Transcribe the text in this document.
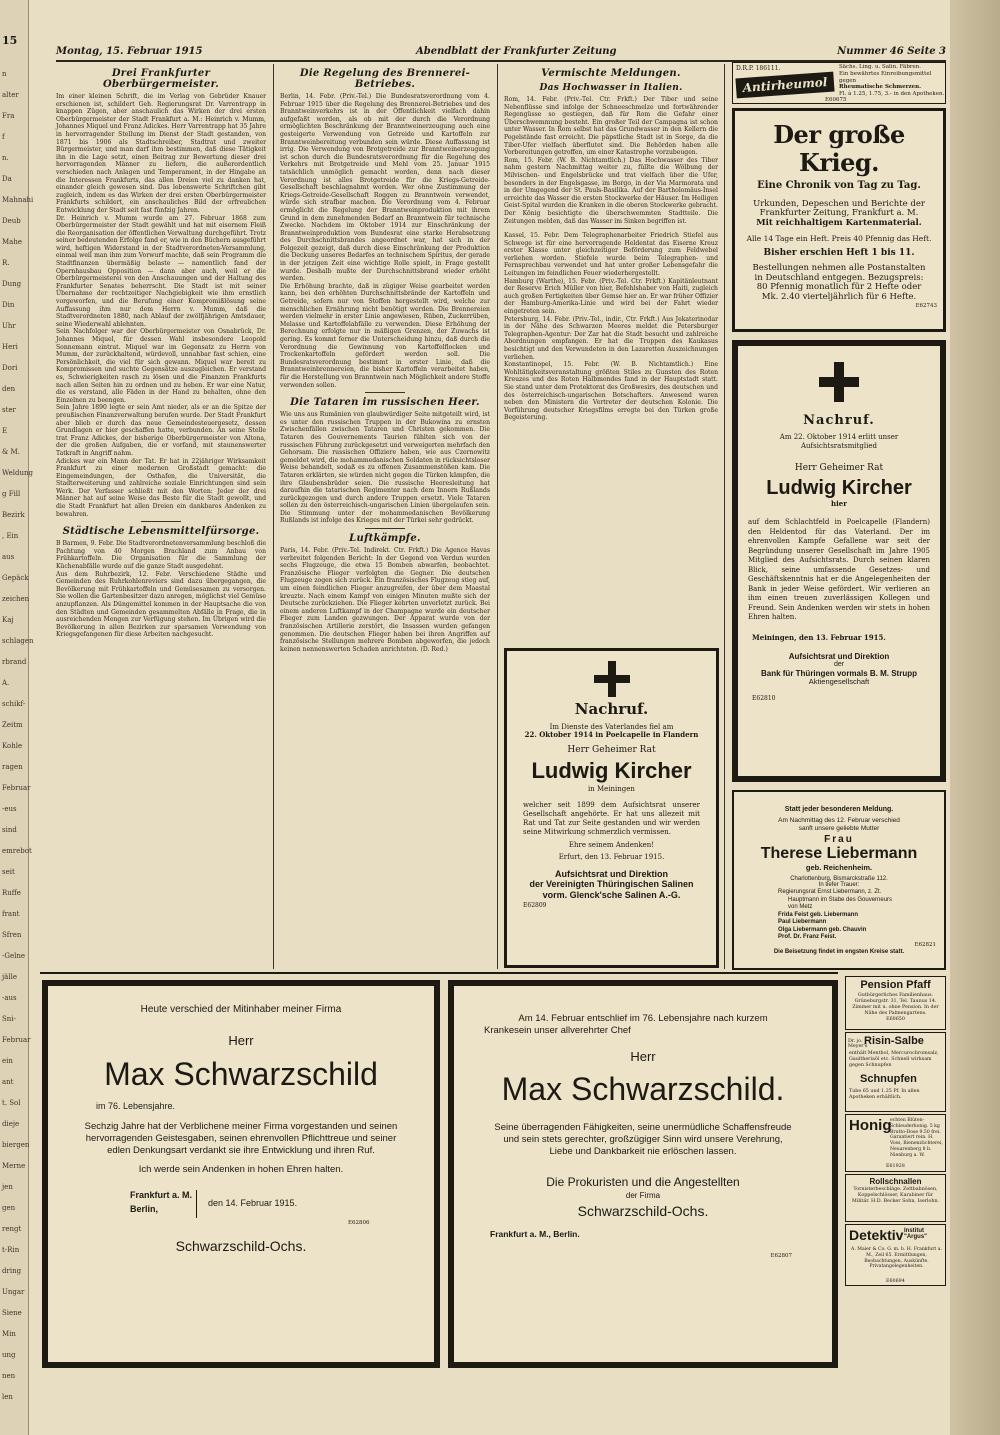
15
n
alter
Fra
f
n.
Da
Mahnahi
Deub
Mahe
R.
Dung
Din
Uhr
Heri
Dori
den
ster
E
& M.
Weldung
g Fill
Bezirk
, Ein
aus
Gepäck
zeichen
Kaj
schlagen
rbrand
A.
schikf-
Zeitm
Kohle
ragen
Februar
-eus
sind
emrebot
seit
Ruffe
frant
Sfren
-Gelne
jälle
-aus
Sni-
Februar
ein
ant
t. Sol
dieje
biergen
Merne
jen
gen
rengt
t-Rin
dring
Ungar
Siene
Min
ung
nen
len
Montag, 15. Februar 1915	Abendblatt der Frankfurter Zeitung	Nummer 46 Seite 3
Drei Frankfurter Oberbürgermeister.

Im einer kleinen Schrift, die im Verlag von Gebrüder Knauer erschienen ist, schildert Geh. Regierungsrat Dr. Varrentrapp in knappen Zügen, aber anschaulich das Wirken der drei ersten Oberbürgermeister der Stadt Frankfurt a. M.: Heinrich v. Mumm, Johannes Miquel und Franz Adickes. Herr Varrentrapp hat 35 Jahre in hervorragender Stellung im Dienst der Stadt gestanden, von 1871 bis 1906 als Stadtschreiber, Stadtrat und zweiter Bürgermeister, und man darf ihm bestimmen, daß diese Tätigkeit ihn in die Lage setzt, einen Beitrag zur Bewertung dieser drei hervorragenden Männer zu liefern, die außerordentlich verschieden nach Anlagen und Temperament, in der Hingabe an die Interessen Frankfurts, das allen Dreien viel zu danken hat, einander gleich gewesen sind. Das lebenswerte Schriftchen gibt zugleich, indem es das Wirken der drei ersten Oberbürgermeister Frankfurts schildert, ein anschauliches Bild der erfreulichen Entwicklung der Stadt seit fast fünfzig Jahren.

Dr. Heinrich v. Mumm wurde am 27. Februar 1868 zum Oberbürgermeister der Stadt gewählt und hat mit eisernem Fleiß die Reorganisation der öffentlichen Verwaltung durchgeführt. Trotz seiner bedeutenden Erfolge fand er, wie in den Büchern ausgeführt wird, heftigen Widerstand in der Stadtverordneten-Versammlung, einmal weil man ihm zum Vorwurf machte, daß sein Programm die Stadtfinanzen übermäßig belaste — namentlich fand der Opernhausbau Opposition — dann aber auch, weil er die Oberbürgermeisterei von den Anschauungen und der Haltung des Frankfurter Senates beherrscht. Die Stadt ist mit seiner Übernahme der rechtzeitiger Nachgiebigkeit wie ihm ernstlich vorgeworfen, und die Berufung einer Kompromißlösung seine Auffassung ihm nur dem Herrn v. Mumm, daß die Stadtverordneten 1880, nach Ablauf der zwölfjährigen Amtsdauer, seine Wiederwahl ablehnten.

Sein Nachfolger war der Oberbürgermeister von Osnabrück, Dr. Johannes Miquel, für dessen Wahl insbesondere Leopold Sonnemann eintrat. Miquel war im Gegensatz zu Herrn von Mumm, der zurückhaltend, würdevoll, unnahbar fast schien, eine Persönlichkeit, die viel für sich gewann. Miquel war bereit zu Kompromissen und suchte Gegensätze auszugleichen. Er verstand es, Schwierigkeiten rasch zu lösen und die Finanzen Frankfurts nach allen Seiten hin zu ordnen und zu heben. Er war eine Natur, die es verstand, alle Fäden in der Hand zu behalten, ohne den Einzelnen zu beengen.

Sein Jahre 1890 legte er sein Amt nieder, als er an die Spitze der preußischen Finanzverwaltung berufen wurde. Der Stadt Frankfurt aber blieb er durch das neue Gemeindesteuergesetz, dessen Grundlagen er hier geschaffen hatte, verbunden. An seine Stelle trat Franz Adickes, der bisherige Oberbürgermeister von Altona, der die großen Aufgaben, die er vorfand, mit staunenswerter Tatkraft in Angriff nahm.

Adickes war ein Mann der Tat. Er hat in 22jähriger Wirksamkeit Frankfurt zu einer modernen Großstadt gemacht: die Eingemeindungen, der Osthafen, die Universität, die Stadterweiterung und zahlreiche soziale Einrichtungen sind sein Werk. Der Verfasser schließt mit den Worten: Jeder der drei Männer hat auf seine Weise das Beste für die Stadt gewollt, und die Stadt Frankfurt hat allen Dreien ein dankbares Andenken zu bewahren.

Städtische Lebensmittelfürsorge.

B Barmen, 9. Febr. Die Stadtverordnetenversammlung beschloß die Pachtung von 40 Morgen Brachland zum Anbau von Frühkartoffeln. Die Organisation für die Sammlung der Küchenabfälle wurde auf die ganze Stadt ausgedehnt.

Aus dem Ruhrbezirk, 12. Febr. Verschiedene Städte und Gemeinden des Ruhrkohlenreviers sind dazu übergegangen, die Bevölkerung mit Frühkartoffeln und Gemüsesamen zu versorgen. Sie wollen die Gartenbesitzer dazu anregen, möglichst viel Gemüse anzupflanzen. Als Düngemittel kommen in der Hauptsache die von den Städten und Gemeinden gesammelten Abfälle in Frage, die in ausreichenden Mengen zur Verfügung stehen. Im Übrigen wird die Bevölkerung in allen Bezirken zur sparsamen Verwendung von Kriegsgefangenen für diese Arbeiten nachgesucht.

Die Regelung des Brennerei-Betriebes.

Berlin, 14. Febr. (Priv.-Tel.) Die Bundesratsverordnung vom 4. Februar 1915 über die Regelung des Brennerei-Betriebes und des Branntweinverkehrs ist in der Öffentlichkeit vielfach dahin aufgefaßt worden, als ob mit der durch die Verordnung ermöglichten Beschränkung der Branntweinerzeugung auch eine gesteigerte Verwendung von Getreide und Kartoffeln zur Branntweinbereitung verbunden sein würde. Diese Auffassung ist irrig. Die Verwendung von Brotgetreide zur Branntweinerzeugung ist schon durch die Bundesratsverordnung für die Regelung des Verkehrs mit Brotgetreide und Mehl vom 25. Januar 1915 tatsächlich unmöglich gemacht worden, denn nach dieser Verordnung ist alles Brotgetreide für die Kriegs-Getreide-Gesellschaft beschlagnahmt worden. Wer ohne Zustimmung der Kriegs-Getreide-Gesellschaft Roggen zu Branntwein verwendet, würde sich strafbar machen. Die Verordnung vom 4. Februar ermöglicht die Regelung der Branntweinproduktion mit ihrem Grund in dem zunehmenden Bedarf an Branntwein für technische Zwecke. Nachdem im Oktober 1914 zur Einschränkung der Branntweinproduktion vom Bundesrat eine starke Herabsetzung des Durchschnittsbrandes angeordnet war, hat sich in der Folgezeit gezeigt, daß durch diese Einschränkung der Produktion die Deckung unseres Bedarfes an technischem Spiritus, der gerade in der jetzigen Zeit eine wichtige Rolle spielt, in Frage gestellt wurde. Deshalb mußte der Durchschnittsbrand wieder erhöht werden.

Die Erhöhung brachte, daß in zügiger Weise gearbeitet werden kann, bei den erhöhten Durchschnittsbrände der Kartoffeln und Getreide, sofern nur von Stoffen hergestellt wird, welche zur menschlichen Ernährung nicht benötigt werden. Die Brennereien werden vielmehr in erster Linie angewiesen, Rüben, Zuckerrüben, Melasse und Kartoffelabfälle zu verwenden. Diese Erhöhung der Berechnung erfolgte nur in mäßigen Grenzen, der Zuwachs ist gering. Es kommt ferner die Unterscheidung hinzu, daß durch die Verordnung die Gewinnung von Kartoffelflocken und Trockenkartoffeln gefördert werden soll. Die Bundesratsverordnung bestimmt in erster Linie, daß die Branntweinbrennereien, die bisher Kartoffeln verarbeitet haben, für die Herstellung von Branntwein nach Möglichkeit andere Stoffe verwenden sollen.

Die Tataren im russischen Heer.

Wie uns aus Rumänien von glaubwürdiger Seite mitgeteilt wird, ist es unter den russischen Truppen in der Bukowina zu ernsten Zwischenfällen zwischen Tataren und Christen gekommen. Die Tataren des Gouvernements Taurien fühlten sich von der russischen Führung zurückgesetzt und verweigerten mehrfach den Gehorsam. Die russischen Offiziere haben, wie aus Czernowitz gemeldet wird, die mohammedanischen Soldaten in rücksichtsloser Weise behandelt, sodaß es zu offenen Zusammenstößen kam. Die Tataren erklärten, sie würden nicht gegen die Türken kämpfen, die ihre Glaubensbrüder seien. Die russische Heeresleitung hat daraufhin die tatarischen Regimenter nach dem Innern Rußlands zurückgezogen und durch andere Truppen ersetzt. Viele Tataren sollen zu den österreichisch-ungarischen Linien übergelaufen sein. Die Stimmung unter der mohammedanischen Bevölkerung Rußlands ist infolge des Krieges mit der Türkei sehr gedrückt.

Luftkämpfe.

Paris, 14. Febr. (Priv.-Tel. Indirekt. Ctr. Frkft.) Die Agence Havas verbreitet folgenden Bericht: In der Gegend von Verdun wurden sechs Flugzeuge, die etwa 15 Bomben abwarfen, beobachtet. Französische Flieger verfolgten die Gegner. Die deutschen Flugzeuge zogen sich zurück. Ein französisches Flugzeug stieg auf, um einen feindlichen Flieger anzugreifen, der über dem Maastal kreuzte. Nach einem Kampf von einigen Minuten mußte sich der Deutsche zurückziehen. Die Flieger kehrten unverletzt zurück. Bei einem anderen Luftkampf in der Champagne wurde ein deutscher Flieger zum Landen gezwungen. Der Apparat wurde von der französischen Artillerie zerstört, die Insassen wurden gefangen genommen. Die deutschen Flieger haben bei ihren Angriffen auf französische Stellungen mehrere Bomben abgeworfen, die jedoch keinen nennenswerten Schaden anrichteten. (D. Red.)

Vermischte Meldungen.
Das Hochwasser in Italien.

Rom, 14. Febr. (Priv.-Tel. Ctr. Frkft.) Der Tiber und seine Nebenflüsse sind infolge der Schneeschmelze und fortwährender Regengüsse so gestiegen, daß für Rom die Gefahr einer Überschwemmung besteht. Ein großer Teil der Campagna ist schon unter Wasser. In Rom selbst hat das Grundwasser in den Kellern die Pegelstände fast erreicht. Die päpstliche Stadt ist in Sorge, da die Tiber-Ufer vielfach überflutet sind. Die Behörden haben alle Vorbereitungen getroffen, um einer Katastrophe vorzubeugen.

Rom, 15. Febr. (W. B. Nichtamtlich.) Das Hochwasser des Tiber nahm gestern Nachmittag weiter zu, füllte die Wölbung der Milvischen- und Engelsbrücke und trat vielfach über die Ufer, besonders in der Engelsgasse, im Borgo, in der Via Marmorata und in der Umgegend der St. Pauls-Basilika. Auf der Bartholomäus-Insel erreichte das Wasser die ersten Stockwerke der Häuser. Im Heiligen Geist-Spital wurden die Kranken in die oberen Stockwerke gebracht. Der König besichtigte die überschwemmten Stadtteile. Die Zeitungen melden, daß das Wasser im Sinken begriffen ist.

Kassel, 15. Febr. Dem Telegraphenarbeiter Friedrich Stiefel aus Schwege ist für eine hervorragende Heldentat das Eiserne Kreuz erster Klasse unter gleichzeitiger Beförderung zum Feldwebel verliehen worden. Stiefele wurde beim Telegraphen- und Fernsprechbau verwendet und hat unter großer Lebensgefahr die Leitungen im feindlichen Feuer wiederhergestellt.

Hamburg (Warthe), 15. Febr. (Priv.-Tel. Ctr. Frkft.) Kapitänleutnant der Reserve Erich Müller von hier, Befehlshaber von Haiti, zugleich auch großen Fertigkeiten über Gemse hier an. Er war früher Offizier der Hamburg-Amerika-Linie und wird bei der Fahrt wieder eingetreten sein.

Petersburg, 14. Febr. (Priv.-Tel., indir., Ctr. Frkft.) Aus Jekaterinodar in der Nähe des Schwarzen Meeres meldet die Petersburger Telegraphen-Agentur: Der Zar hat die Stadt besucht und zahlreiche Abordnungen empfangen. Er hat die Truppen des Kaukasus besichtigt und den Verwundeten in den Lazaretten Auszeichnungen verliehen.

Konstantinopel, 15. Febr. (W. B. Nichtamtlich.) Eine Wohltätigkeitsveranstaltung größten Stiles zu Gunsten des Roten Kreuzes und des Roten Halbmondes fand in der Hauptstadt statt. Sie stand unter dem Protektorat des Großwesirs, des deutschen und des österreichisch-ungarischen Botschafters. Anwesend waren neben den Ministern die Vertreter der deutschen Kolonie. Die Vorführung deutscher Kriegsfilms erregte bei den Türken große Begeisterung.

Nachruf.
Im Dienste des Vaterlandes fiel am
22. Oktober 1914 in Poelcapelle in Flandern
Herr Geheimer Rat
Ludwig Kircher
in Meiningen
welcher seit 1899 dem Aufsichtsrat unserer Gesellschaft angehörte. Er hat uns allezeit mit Rat und Tat zur Seite gestanden und wir werden seine Mitwirkung schmerzlich vermissen.
Ehre seinem Andenken!
Erfurt, den 13. Februar 1915.
Aufsichtsrat und Direktion
der Vereinigten Thüringischen Salinen
vorm. Glenck'sche Salinen A.-G.
E62809
D.R.P. 186111.
Antirheumol
Sächs. Ling. u. Salin. Fäbren.
Ein bewährtes Einreibungsmittel gegen
Rheumatische Schmerzen.
Fl. à 1.25, 1.75, 3.- in den Apotheken.
E60675
Der große Krieg.
Eine Chronik von Tag zu Tag.
Urkunden, Depeschen und Berichte der
Frankfurter Zeitung, Frankfurt a. M.
Mit reichhaltigem Kartenmaterial.
Alle 14 Tage ein Heft. Preis 40 Pfennig das Heft.
Bisher erschien Heft 1 bis 11.
Bestellungen nehmen alle Postanstalten
in Deutschland entgegen. Bezugspreis:
80 Pfennig monatlich für 2 Hefte oder
Mk. 2.40 vierteljährlich für 6 Hefte.
E62743
Nachruf.
Am 22. Oktober 1914 erlitt unser Aufsichtsratsmitglied
Herr Geheimer Rat
Ludwig Kircher
hier
auf dem Schlachtfeld in Poelcapelle (Flandern) den Heldentod für das Vaterland. Der im ehrenvollen Kampfe Gefallene war seit der Begründung unserer Gesellschaft im Jahre 1905 Mitglied des Aufsichtsrats. Durch seinen klaren Blick, seine umfassende Gesetzes- und Geschäftskenntnis hat er die Angelegenheiten der Bank in jeder Weise gefördert. Wir verlieren an ihm einen treuen zuverlässigen Kollegen und Freund. Sein Andenken werden wir stets in hohen Ehren halten.
Meiningen, den 13. Februar 1915.
Aufsichtsrat und Direktion
der
Bank für Thüringen vormals B. M. Strupp
Aktiengesellschaft
E62810
Statt jeder besonderen Meldung.
Am Nachmittag des 12. Februar verschied
sanft unsere geliebte Mutter
Frau
Therese Liebermann
geb. Reichenheim.
Charlottenburg, Bismarckstraße 112.
In tiefer Trauer:
Regierungsrat Ernst Liebermann, z. Zt.
Hauptmann im Stabe des Gouverneurs
von Metz
Frida Feist geb. Liebermann
Paul Liebermann
Olga Liebermann geb. Chauvin
Prof. Dr. Franz Feist.
E62821
Die Beisetzung findet im engsten Kreise statt.
Heute verschied der Mitinhaber meiner Firma
Herr
Max Schwarzschild
im 76. Lebensjahre.
Sechzig Jahre hat der Verblichene meiner Firma vorgestanden und seinen hervorragenden Geistesgaben, seinen ehrenvollen Pflichttreue und seiner edlen Denkungsart verdankt sie ihre Entwicklung und ihren Ruf.
Ich werde sein Andenken in hohen Ehren halten.
Frankfurt a. M.
Berlin,
den 14. Februar 1915.
E62806
Schwarzschild-Ochs.
Am 14. Februar entschlief im 76. Lebensjahre nach kurzem
Krankesein unser allverehrter Chef
Herr
Max Schwarzschild.
Seine überragenden Fähigkeiten, seine unermüdliche Schaffensfreude und sein stets gerechter, großzügiger Sinn wird unsere Verehrung, Liebe und Dankbarkeit nie erlöschen lassen.
Die Prokuristen und die Angestellten
der Firma
Schwarzschild-Ochs.
Frankfurt a. M., Berlin.
E62807
Pension Pfaff
Gutbürgerliches Familienhaus. Grüneburgstr. 31, Tel. Taunus 14. Zimmer mit u. ohne Pension. In der Nähe des Palmengartens.
E60650
Dr. jo. Meyer's
Risin-Salbe
enthält Menthol, Mercurochromsalz, Gaultheriaöl etc. Schnell wirksam gegen Schnupfen
Schnupfen
Tube 65 und 1.25 Pf. In allen Apotheken erhältlich.
Honig
echten Blüten-Schleuderhonig. 5 kg Brutto-Dose 9.50 frei. Garantiert rein. H. Voss, Bienenzüchterei, Neuarenberg 8 b. Nienburg a. W.
E61928
Rollschnallen
Tornisterbeschläge. Zeltbahnösen, Koppelschlösser, Karabiner für Militär. H.D. Becker Sohn, Iserlohn.
Detektiv Institut "Argus"
A. Maier & Co. G. m. b. H. Frankfurt a. M., Zeil 65. Ermittlungen, Beobachtungen, Auskünfte. Privatangelegenheiten.
E60694
